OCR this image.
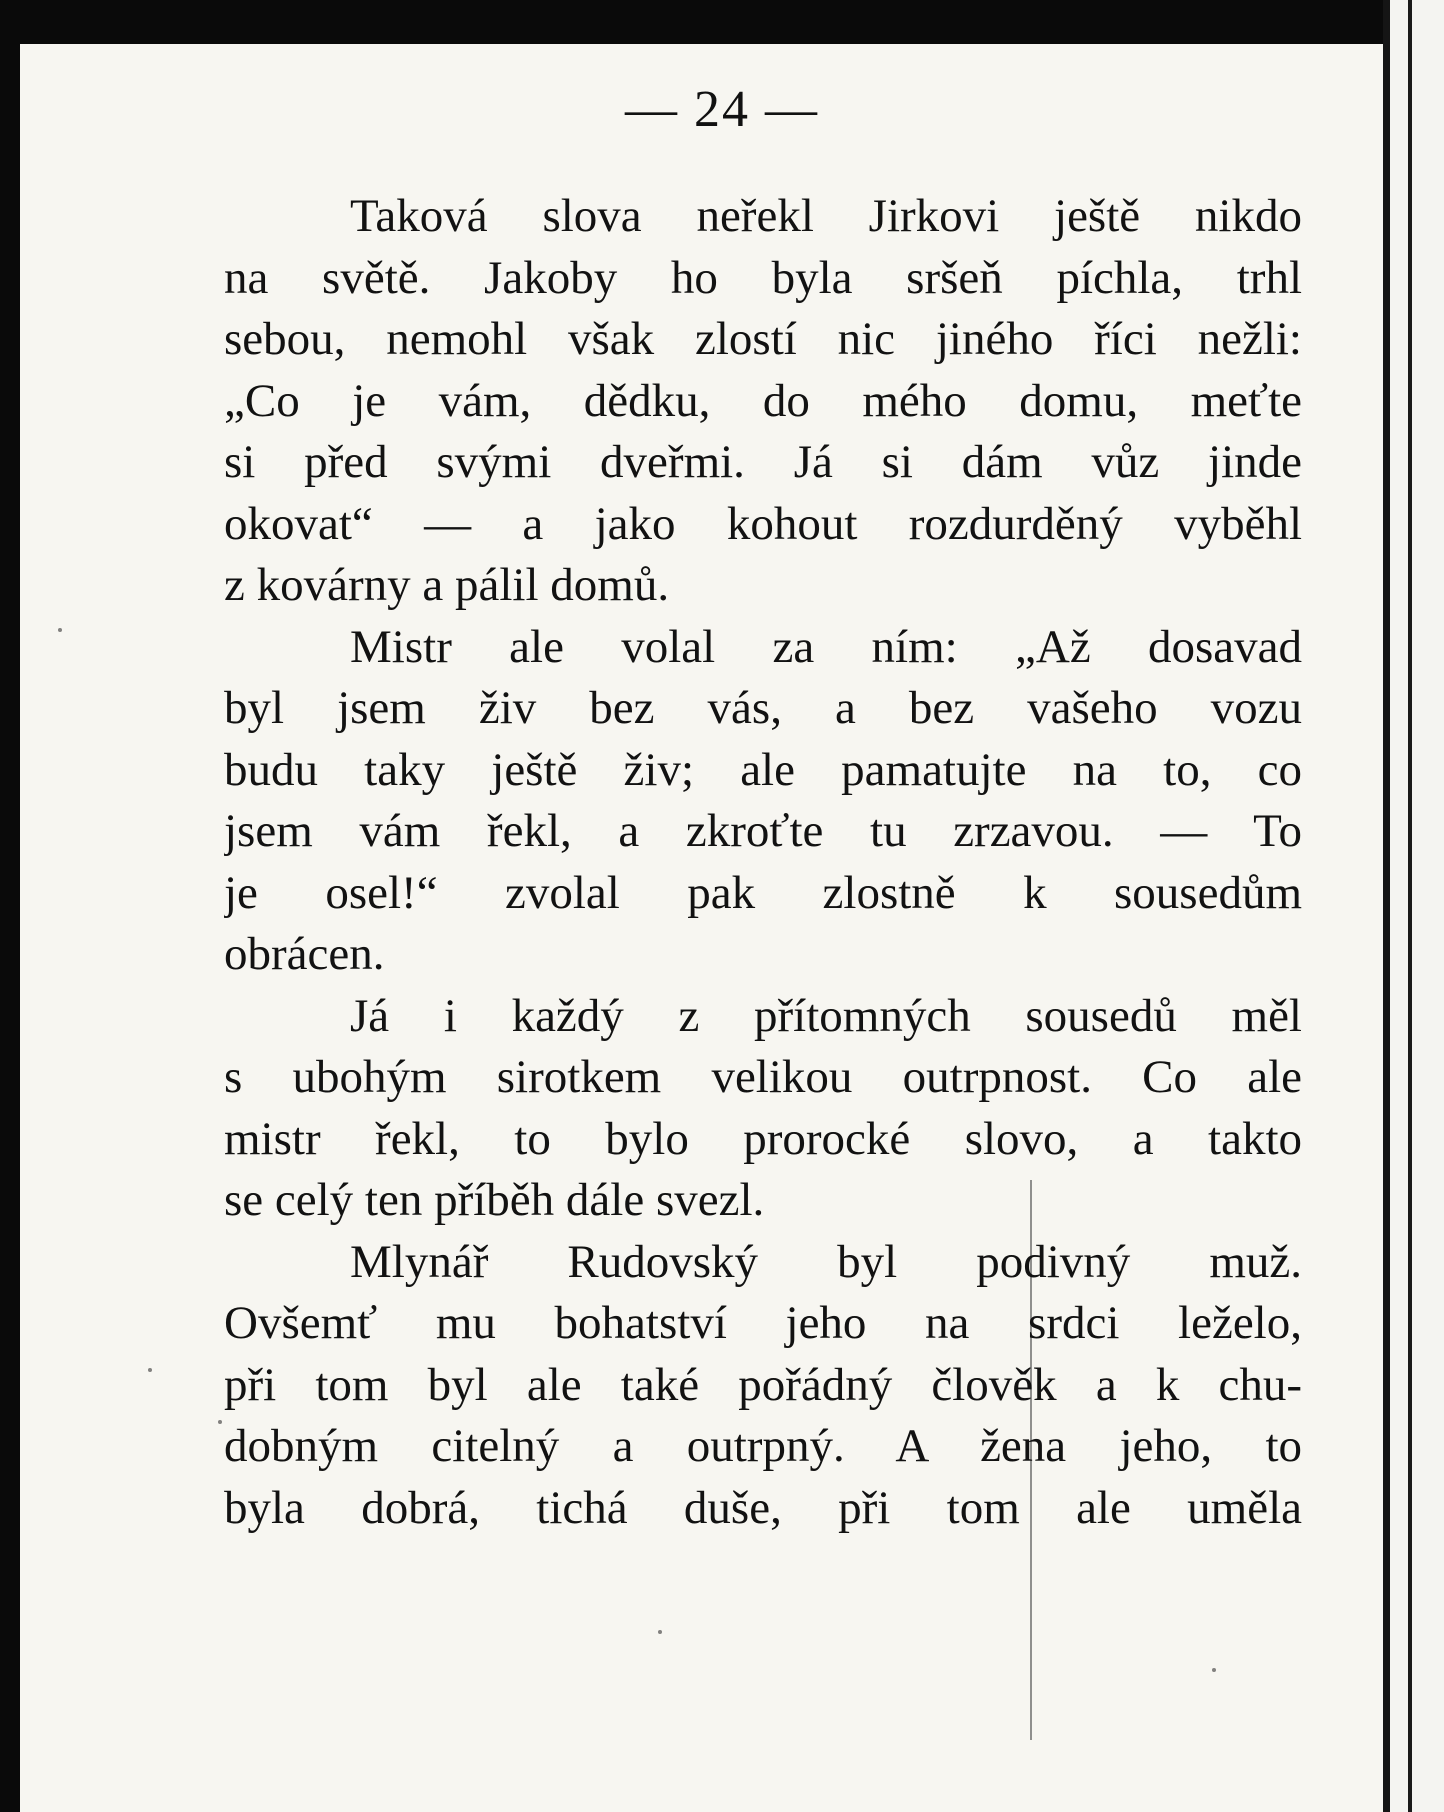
— 24 —
Taková slova neřekl Jirkovi ještě nikdo
na světě. Jakoby ho byla sršeň píchla, trhl
sebou, nemohl však zlostí nic jiného říci nežli:
„Co je vám, dědku, do mého domu, meťte
si před svými dveřmi. Já si dám vůz jinde
okovat“ — a jako kohout rozdurděný vyběhl
z kovárny a pálil domů.
Mistr ale volal za ním: „Až dosavad
byl jsem živ bez vás, a bez vašeho vozu
budu taky ještě živ; ale pamatujte na to, co
jsem vám řekl, a zkroťte tu zrzavou. — To
je osel!“ zvolal pak zlostně k sousedům
obrácen.
Já i každý z přítomných sousedů měl
s ubohým sirotkem velikou outrpnost. Co ale
mistr řekl, to bylo prorocké slovo, a takto
se celý ten příběh dále svezl.
Mlynář Rudovský byl podivný muž.
Ovšemť mu bohatství jeho na srdci leželo,
při tom byl ale také pořádný člověk a k chu-
dobným citelný a outrpný. A žena jeho, to
byla dobrá, tichá duše, při tom ale uměla
